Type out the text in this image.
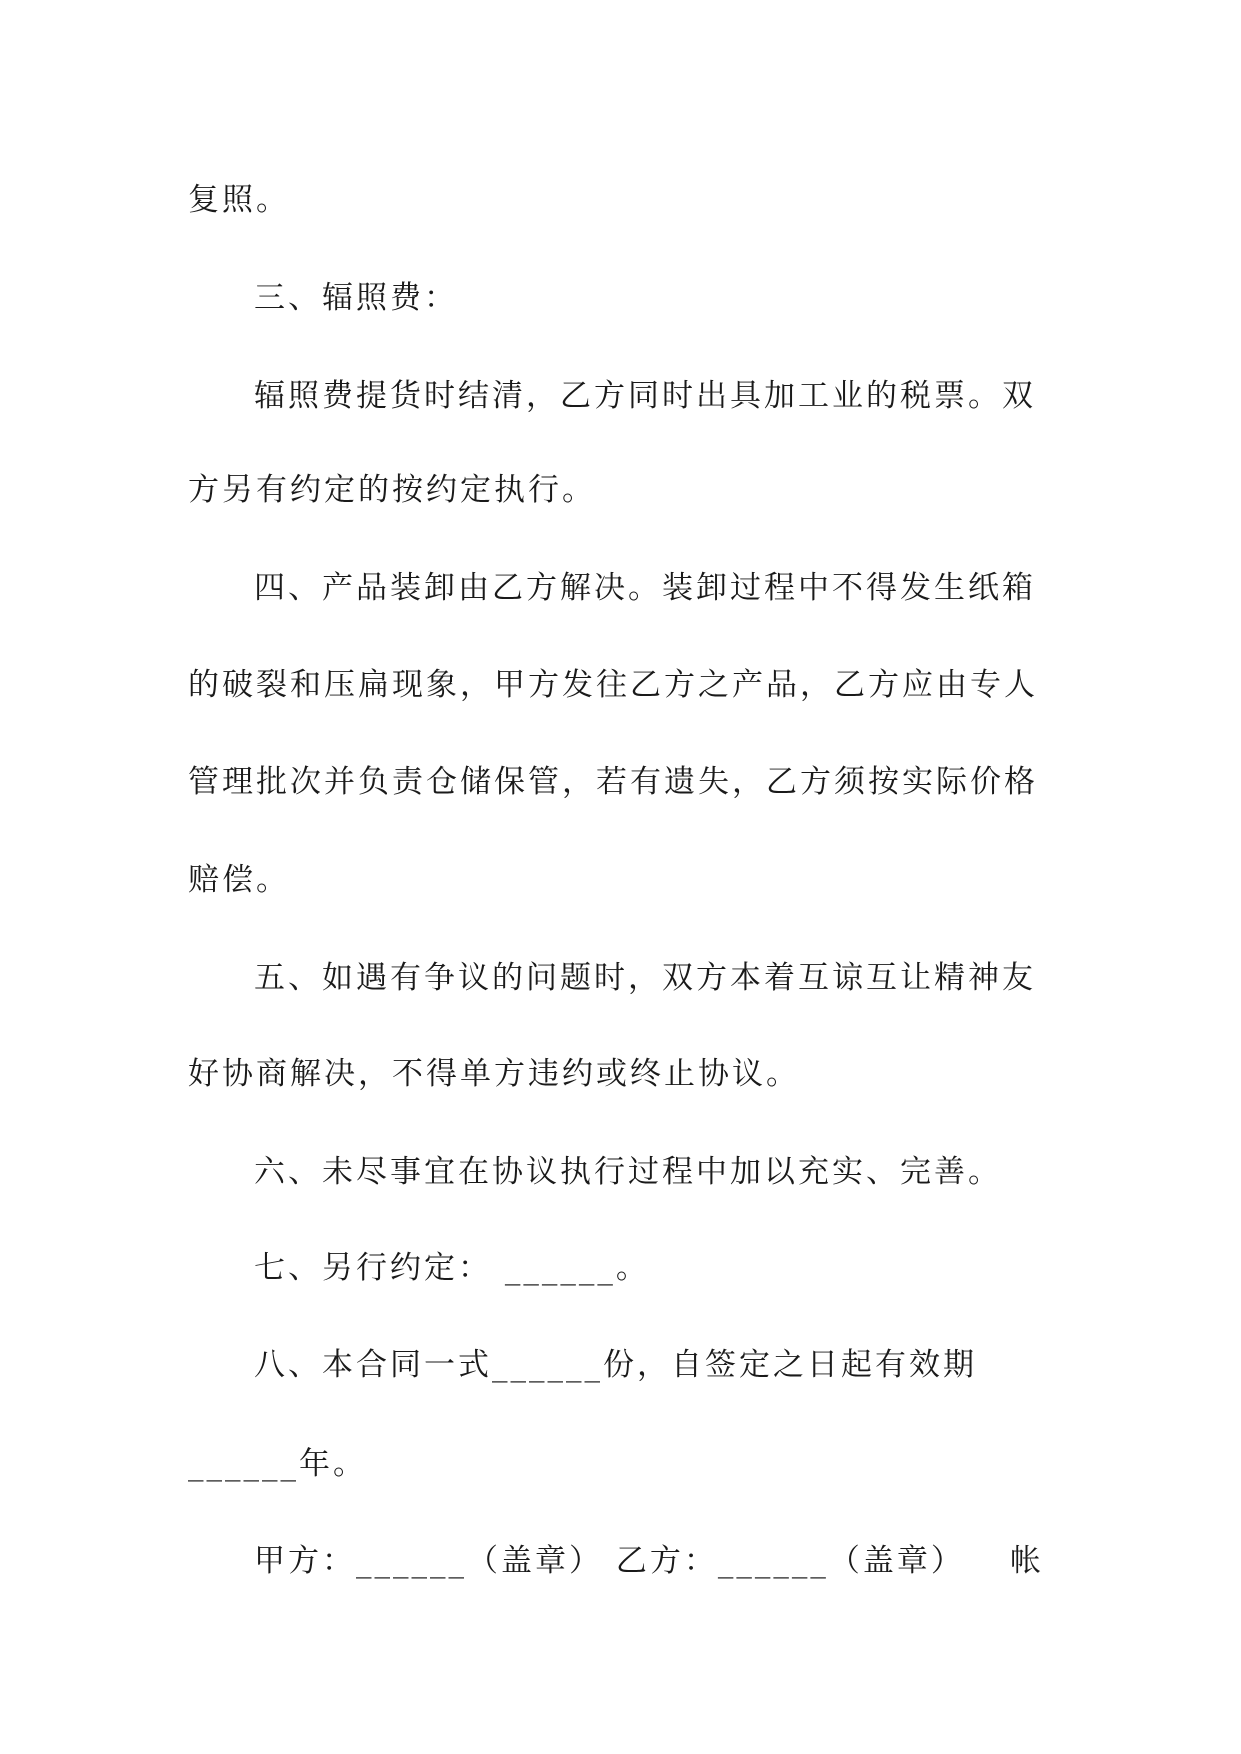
复照。
三、辐照费：
辐照费提货时结清，乙方同时出具加工业的税票。双
方另有约定的按约定执行。
四、产品装卸由乙方解决。装卸过程中不得发生纸箱
的破裂和压扁现象，甲方发往乙方之产品，乙方应由专人
管理批次并负责仓储保管，若有遗失，乙方须按实际价格
赔偿。
五、如遇有争议的问题时，双方本着互谅互让精神友
好协商解决，不得单方违约或终止协议。
六、未尽事宜在协议执行过程中加以充实、完善。
七、另行约定： ______。
八、本合同一式______份，自签定之日起有效期
______年。
甲方：______（盖章） 乙方：______（盖章） 帐
